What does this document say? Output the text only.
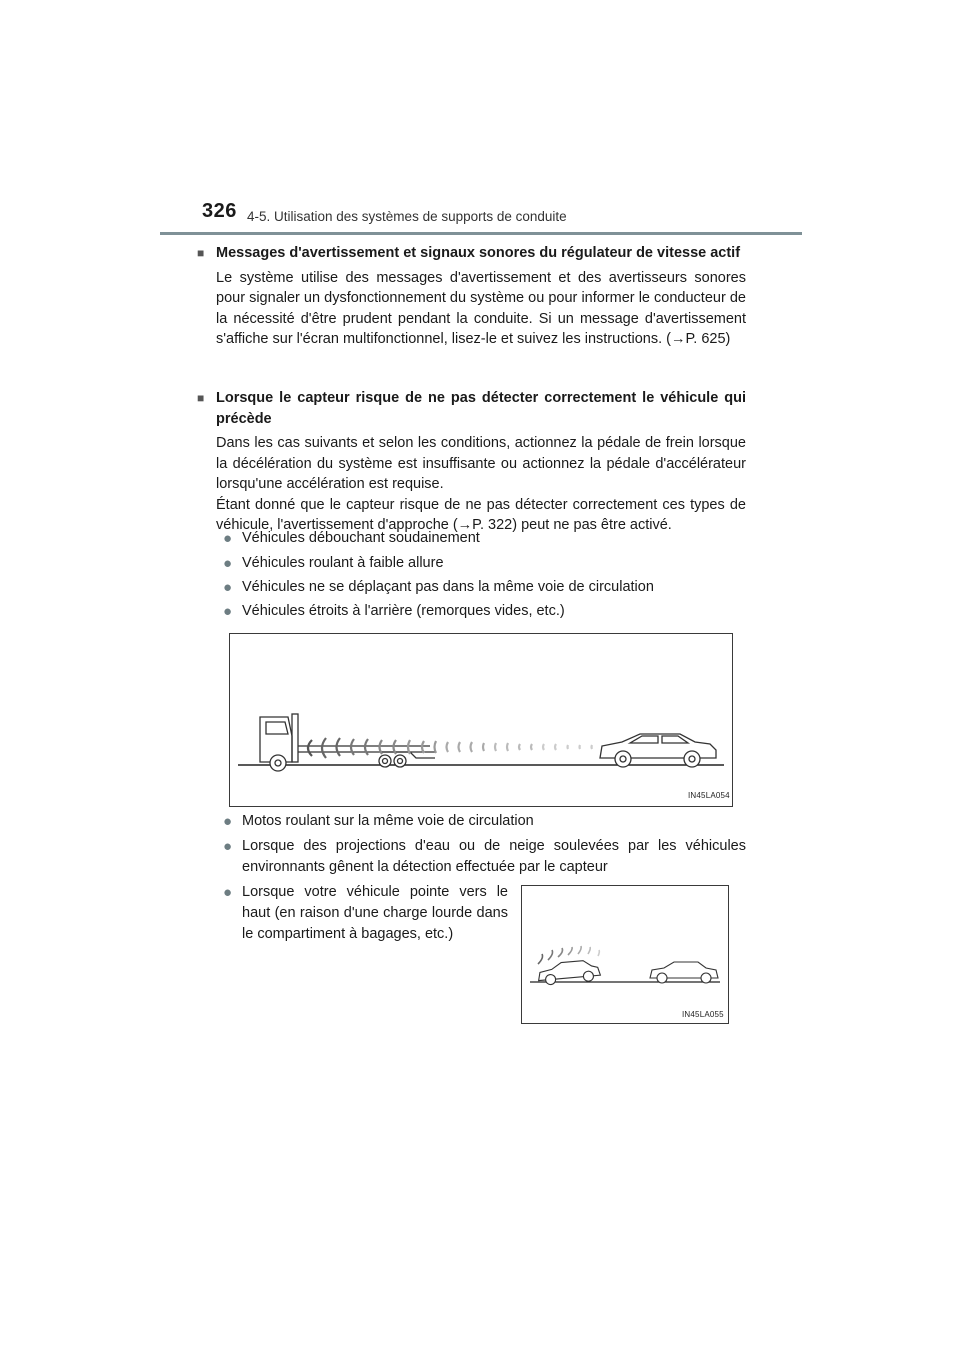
326 4-5. Utilisation des systèmes de supports de conduite
■ Messages d'avertissement et signaux sonores du régulateur de vitesse actif
Le système utilise des messages d'avertissement et des avertisseurs sonores pour signaler un dysfonctionnement du système ou pour informer le conducteur de la nécessité d'être prudent pendant la conduite. Si un message d'avertissement s'affiche sur l'écran multifonctionnel, lisez-le et suivez les instructions. (→P. 625)
■ Lorsque le capteur risque de ne pas détecter correctement le véhicule qui précède
Dans les cas suivants et selon les conditions, actionnez la pédale de frein lorsque la décélération du système est insuffisante ou actionnez la pédale d'accélérateur lorsqu'une accélération est requise.
Étant donné que le capteur risque de ne pas détecter correctement ces types de véhicule, l'avertissement d'approche (→P. 322) peut ne pas être activé.
● Véhicules débouchant soudainement
● Véhicules roulant à faible allure
● Véhicules ne se déplaçant pas dans la même voie de circulation
● Véhicules étroits à l'arrière (remorques vides, etc.)
IN45LA054
● Motos roulant sur la même voie de circulation
● Lorsque des projections d'eau ou de neige soulevées par les véhicules environnants gênent la détection effectuée par le capteur
● Lorsque votre véhicule pointe vers le haut (en raison d'une charge lourde dans le compartiment à bagages, etc.)
IN45LA055
